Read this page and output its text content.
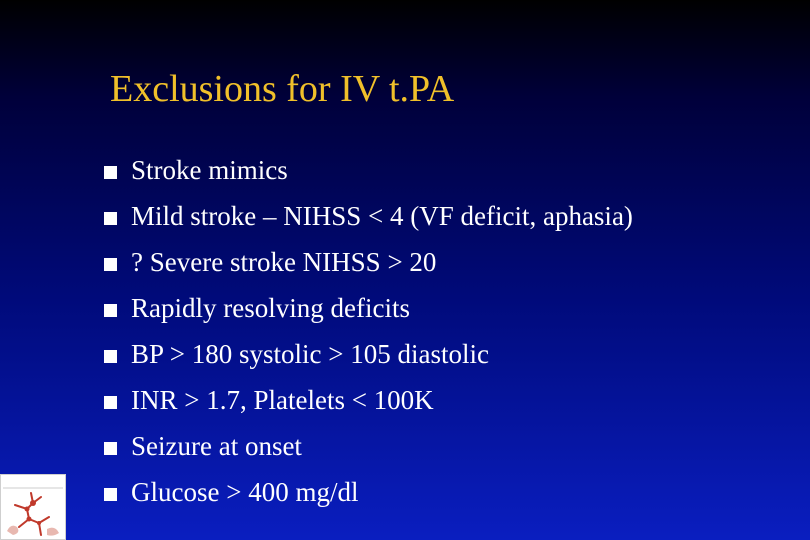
Exclusions for IV t.PA
Stroke mimics
Mild stroke – NIHSS < 4 (VF deficit, aphasia)
? Severe stroke NIHSS > 20
Rapidly resolving deficits
BP > 180 systolic > 105 diastolic
INR > 1.7, Platelets < 100K
Seizure at onset
Glucose > 400 mg/dl
